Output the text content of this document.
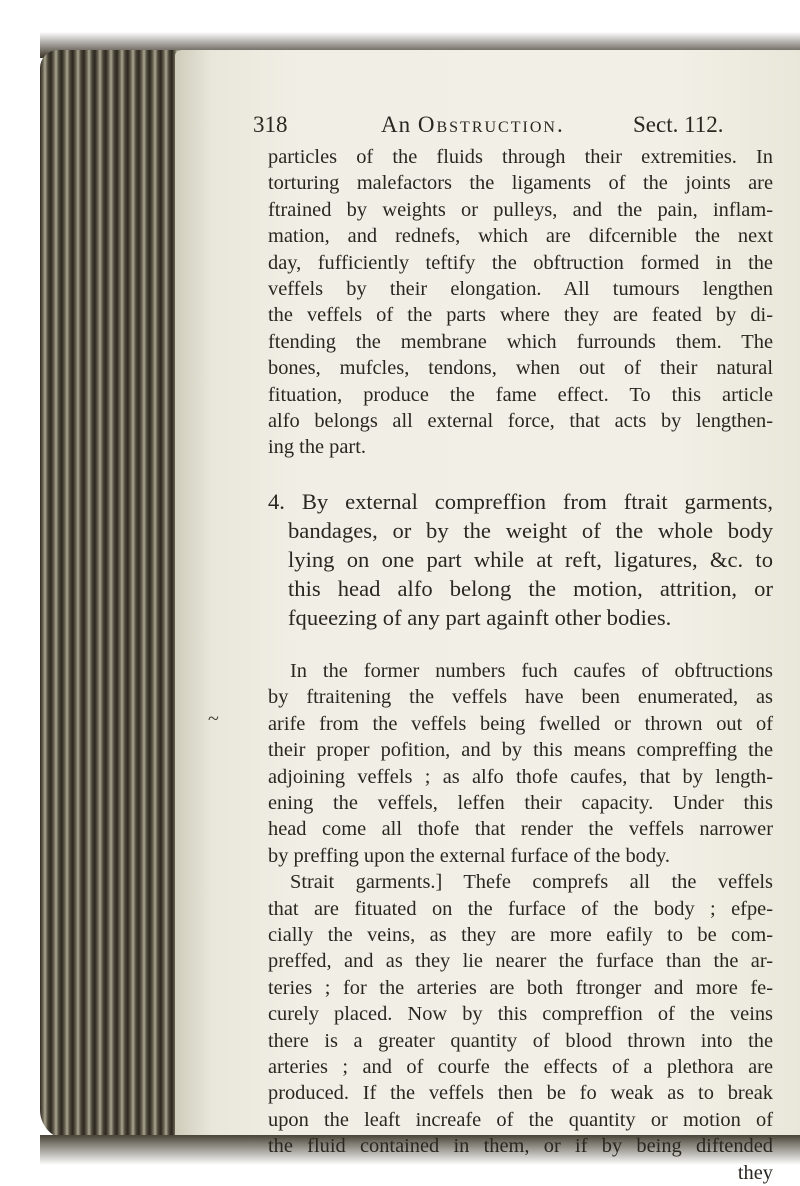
318	An Obstruction.	Sect. 112.
~
particles of the fluids through their extremities. In
torturing malefactors the ligaments of the joints are
ftrained by weights or pulleys, and the pain, inflam-
mation, and rednefs, which are difcernible the next
day, fufficiently teftify the obftruction formed in the
veffels by their elongation. All tumours lengthen
the veffels of the parts where they are feated by di-
ftending the membrane which furrounds them. The
bones, mufcles, tendons, when out of their natural
fituation, produce the fame effect. To this article
alfo belongs all external force, that acts by lengthen-
ing the part.
4. By external compreffion from ftrait garments,
bandages, or by the weight of the whole body
lying on one part while at reft, ligatures, &c. to
this head alfo belong the motion, attrition, or
fqueezing of any part againft other bodies.
In the former numbers fuch caufes of obftructions
by ftraitening the veffels have been enumerated, as
arife from the veffels being fwelled or thrown out of
their proper pofition, and by this means compreffing the
adjoining veffels ; as alfo thofe caufes, that by length-
ening the veffels, leffen their capacity. Under this
head come all thofe that render the veffels narrower
by preffing upon the external furface of the body.
Strait garments.] Thefe comprefs all the veffels
that are fituated on the furface of the body ; efpe-
cially the veins, as they are more eafily to be com-
preffed, and as they lie nearer the furface than the ar-
teries ; for the arteries are both ftronger and more fe-
curely placed. Now by this compreffion of the veins
there is a greater quantity of blood thrown into the
arteries ; and of courfe the effects of a plethora are
produced. If the veffels then be fo weak as to break
upon the leaft increafe of the quantity or motion of
the fluid contained in them, or if by being diftended
they
